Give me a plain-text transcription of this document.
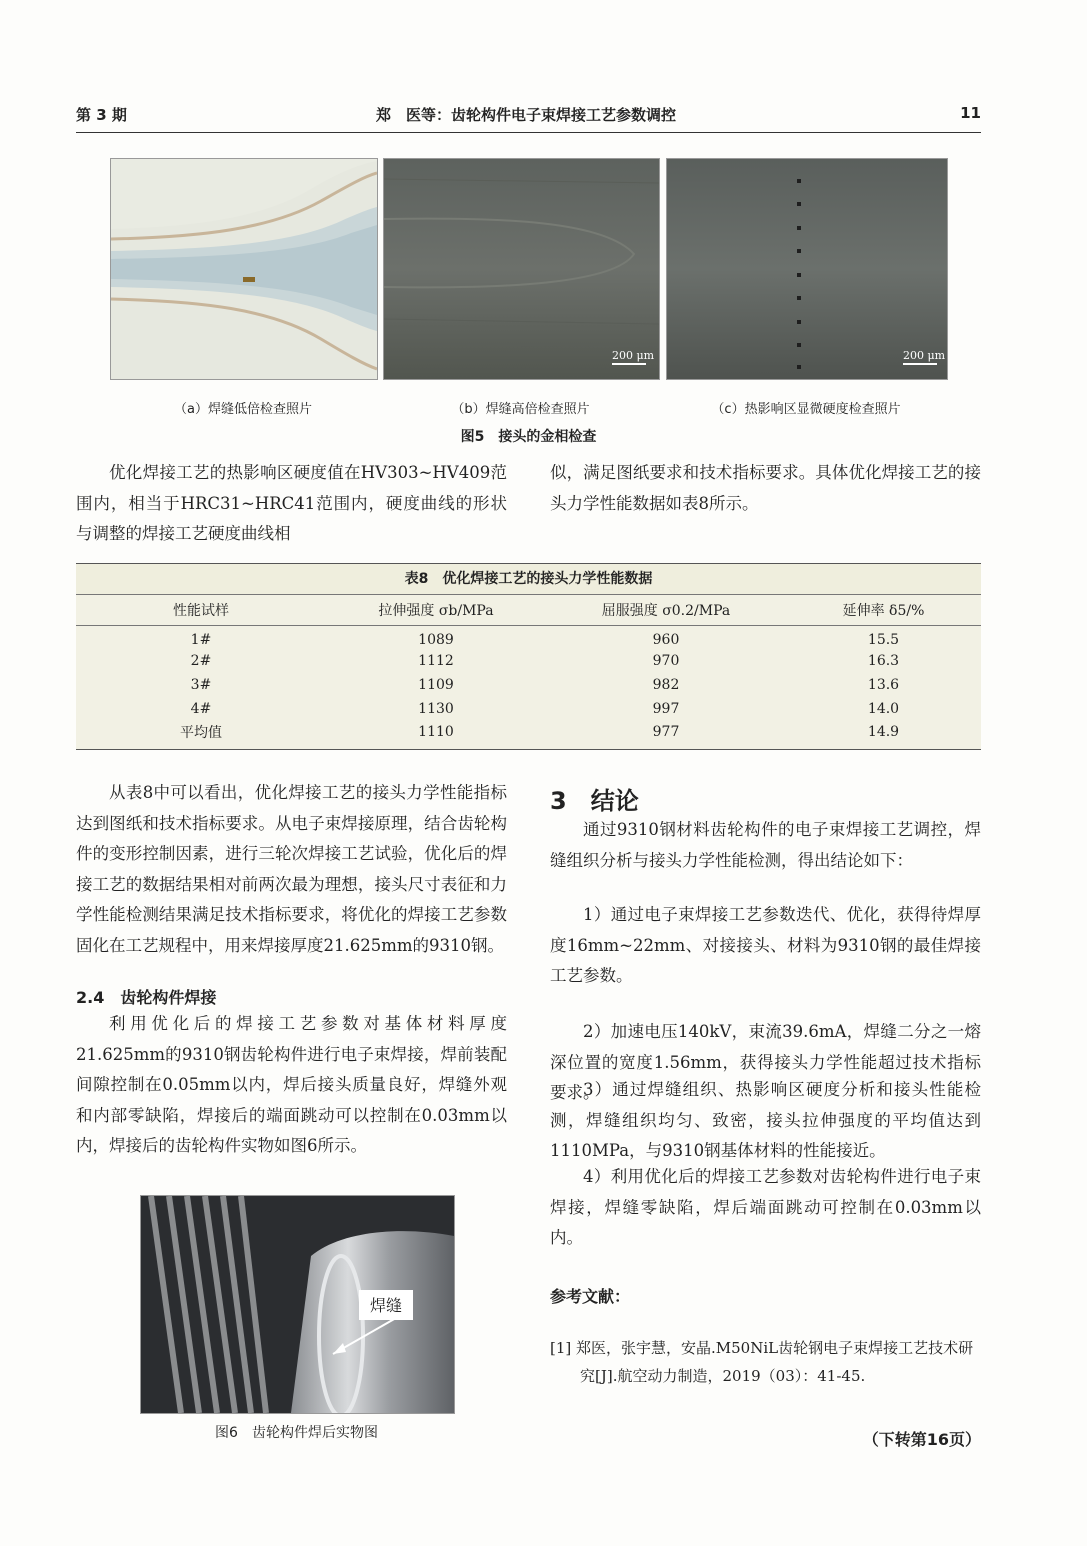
第 3 期	郑　医等：齿轮构件电子束焊接工艺参数调控	11
200 μm	200 μm
（a）焊缝低倍检查照片	（b）焊缝高倍检查照片	（c）热影响区显微硬度检查照片
图5　接头的金相检查

优化焊接工艺的热影响区硬度值在HV303~HV409范围内，相当于HRC31~HRC41范围内，硬度曲线的形状与调整的焊接工艺硬度曲线相

似，满足图纸要求和技术指标要求。具体优化焊接工艺的接头力学性能数据如表8所示。

表8　优化焊接工艺的接头力学性能数据
性能试样	拉伸强度 σb/MPa	屈服强度 σ0.2/MPa	延伸率 δ5/%
1#	1089	960	15.5
2#	1112	970	16.3
3#	1109	982	13.6
4#	1130	997	14.0
平均值	1110	977	14.9

从表8中可以看出，优化焊接工艺的接头力学性能指标达到图纸和技术指标要求。从电子束焊接原理，结合齿轮构件的变形控制因素，进行三轮次焊接工艺试验，优化后的焊接工艺的数据结果相对前两次最为理想，接头尺寸表征和力学性能检测结果满足技术指标要求，将优化的焊接工艺参数固化在工艺规程中，用来焊接厚度21.625mm的9310钢。

2.4　齿轮构件焊接

利用优化后的焊接工艺参数对基体材料厚度21.625mm的9310钢齿轮构件进行电子束焊接，焊前装配间隙控制在0.05mm以内，焊后接头质量良好，焊缝外观和内部零缺陷，焊接后的端面跳动可以控制在0.03mm以内，焊接后的齿轮构件实物如图6所示。

焊缝
图6　齿轮构件焊后实物图
3　结论

通过9310钢材料齿轮构件的电子束焊接工艺调控，焊缝组织分析与接头力学性能检测，得出结论如下：

1）通过电子束焊接工艺参数迭代、优化，获得待焊厚度16mm~22mm、对接接头、材料为9310钢的最佳焊接工艺参数。

2）加速电压140kV，束流39.6mA，焊缝二分之一熔深位置的宽度1.56mm，获得接头力学性能超过技术指标要求。

3）通过焊缝组织、热影响区硬度分析和接头性能检测，焊缝组织均匀、致密，接头拉伸强度的平均值达到1110MPa，与9310钢基体材料的性能接近。

4）利用优化后的焊接工艺参数对齿轮构件进行电子束焊接，焊缝零缺陷，焊后端面跳动可控制在0.03mm以内。

参考文献：
[1] 郑医，张宇慧，安晶.M50NiL齿轮钢电子束焊接工艺技术研究[J].航空动力制造，2019（03）：41-45.
（下转第16页）
